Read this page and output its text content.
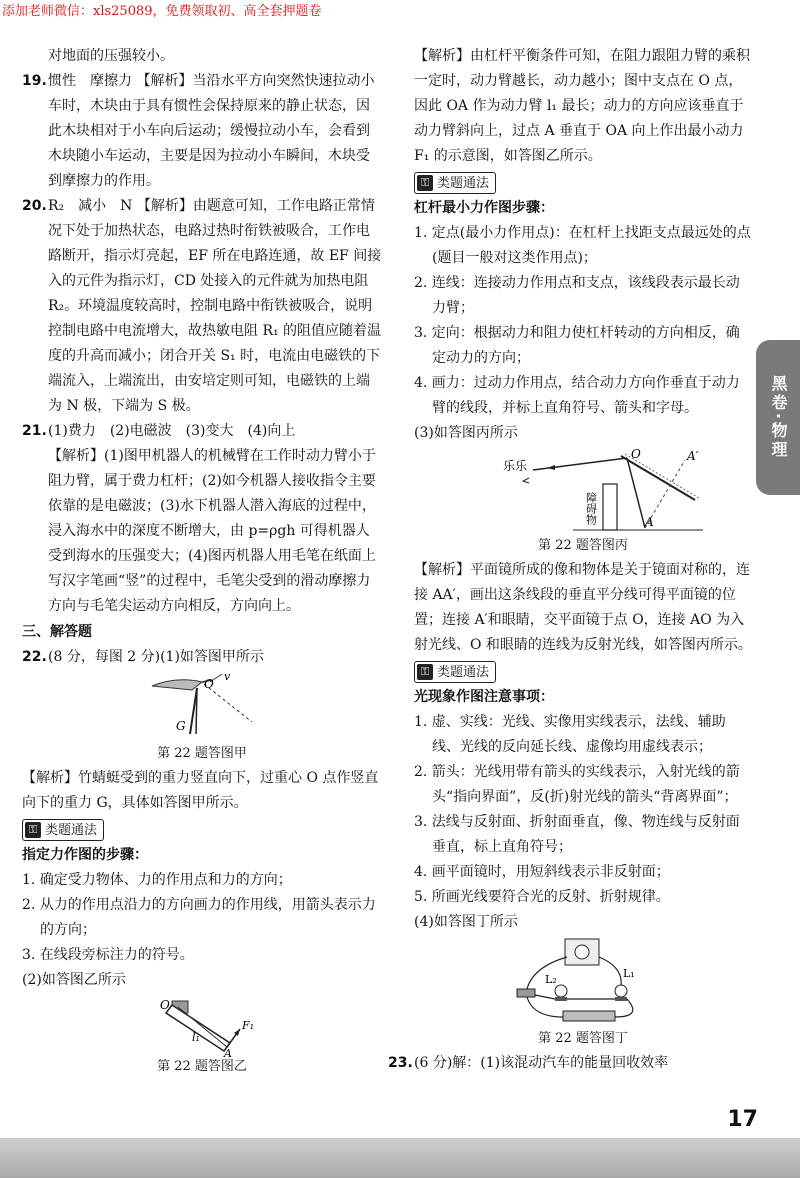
添加老师微信：xls25089，免费领取初、高全套押题卷

对地面的压强较小。

19. 惯性　摩擦力 【解析】当沿水平方向突然快速拉动小车时，木块由于具有惯性会保持原来的静止状态，因此木块相对于小车向后运动；缓慢拉动小车，会看到木块随小车运动，主要是因为拉动小车瞬间，木块受到摩擦力的作用。

20. R₂　减小　N 【解析】由题意可知，工作电路正常情况下处于加热状态，电路过热时衔铁被吸合，工作电路断开，指示灯亮起，EF 所在电路连通，故 EF 间接入的元件为指示灯，CD 处接入的元件就为加热电阻 R₂。环境温度较高时，控制电路中衔铁被吸合，说明控制电路中电流增大，故热敏电阻 R₁ 的阻值应随着温度的升高而减小；闭合开关 S₁ 时，电流由电磁铁的下端流入，上端流出，由安培定则可知，电磁铁的上端为 N 极，下端为 S 极。

21. (1)费力　(2)电磁波　(3)变大　(4)向上

【解析】(1)图甲机器人的机械臂在工作时动力臂小于阻力臂，属于费力杠杆；(2)如今机器人接收指令主要依靠的是电磁波；(3)水下机器人潜入海底的过程中，浸入海水中的深度不断增大，由 p=ρgh 可得机器人受到海水的压强变大；(4)图丙机器人用毛笔在纸面上写汉字笔画“竖”的过程中，毛笔尖受到的滑动摩擦力方向与毛笔尖运动方向相反，方向向上。

三、解答题

22. (8 分，每图 2 分)(1)如答图甲所示

O
G
v
第 22 题答图甲

【解析】竹蜻蜓受到的重力竖直向下，过重心 O 点作竖直向下的重力 G，具体如答图甲所示。

⚿ 类题通法

指定力作图的步骤：

1. 确定受力物体、力的作用点和力的方向；

2. 从力的作用点沿力的方向画力的作用线，用箭头表示力的方向；

3. 在线段旁标注力的符号。

(2)如答图乙所示

O
F₁
l₁
A
第 22 题答图乙

【解析】由杠杆平衡条件可知，在阻力跟阻力臂的乘积一定时，动力臂越长，动力越小；图中支点在 O 点，因此 OA 作为动力臂 l₁ 最长；动力的方向应该垂直于动力臂斜向上，过点 A 垂直于 OA 向上作出最小动力 F₁ 的示意图，如答图乙所示。

⚿ 类题通法

杠杆最小力作图步骤：

1. 定点(最小力作用点)：在杠杆上找距支点最远处的点(题目一般对这类作用点)；

2. 连线：连接动力作用点和支点，该线段表示最长动力臂；

3. 定向：根据动力和阻力使杠杆转动的方向相反，确定动力的方向；

4. 画力：过动力作用点，结合动力方向作垂直于动力臂的线段，并标上直角符号、箭头和字母。

(3)如答图丙所示

乐乐
O	A′
A
障碍物
第 22 题答图丙

【解析】平面镜所成的像和物体是关于镜面对称的，连接 AA′，画出这条线段的垂直平分线可得平面镜的位置；连接 A′和眼睛，交平面镜于点 O，连接 AO 为入射光线、O 和眼睛的连线为反射光线，如答图丙所示。

⚿ 类题通法

光现象作图注意事项：

1. 虚、实线：光线、实像用实线表示，法线、辅助线、光线的反向延长线、虚像均用虚线表示；

2. 箭头：光线用带有箭头的实线表示，入射光线的箭头“指向界面”，反(折)射光线的箭头“背离界面”；

3. 法线与反射面、折射面垂直，像、物连线与反射面垂直，标上直角符号；

4. 画平面镜时，用短斜线表示非反射面；

5. 所画光线要符合光的反射、折射规律。

(4)如答图丁所示

L₁
L₂
第 22 题答图丁
23. (6 分)解：(1)该混动汽车的能量回收效率

黑卷·物理
17
